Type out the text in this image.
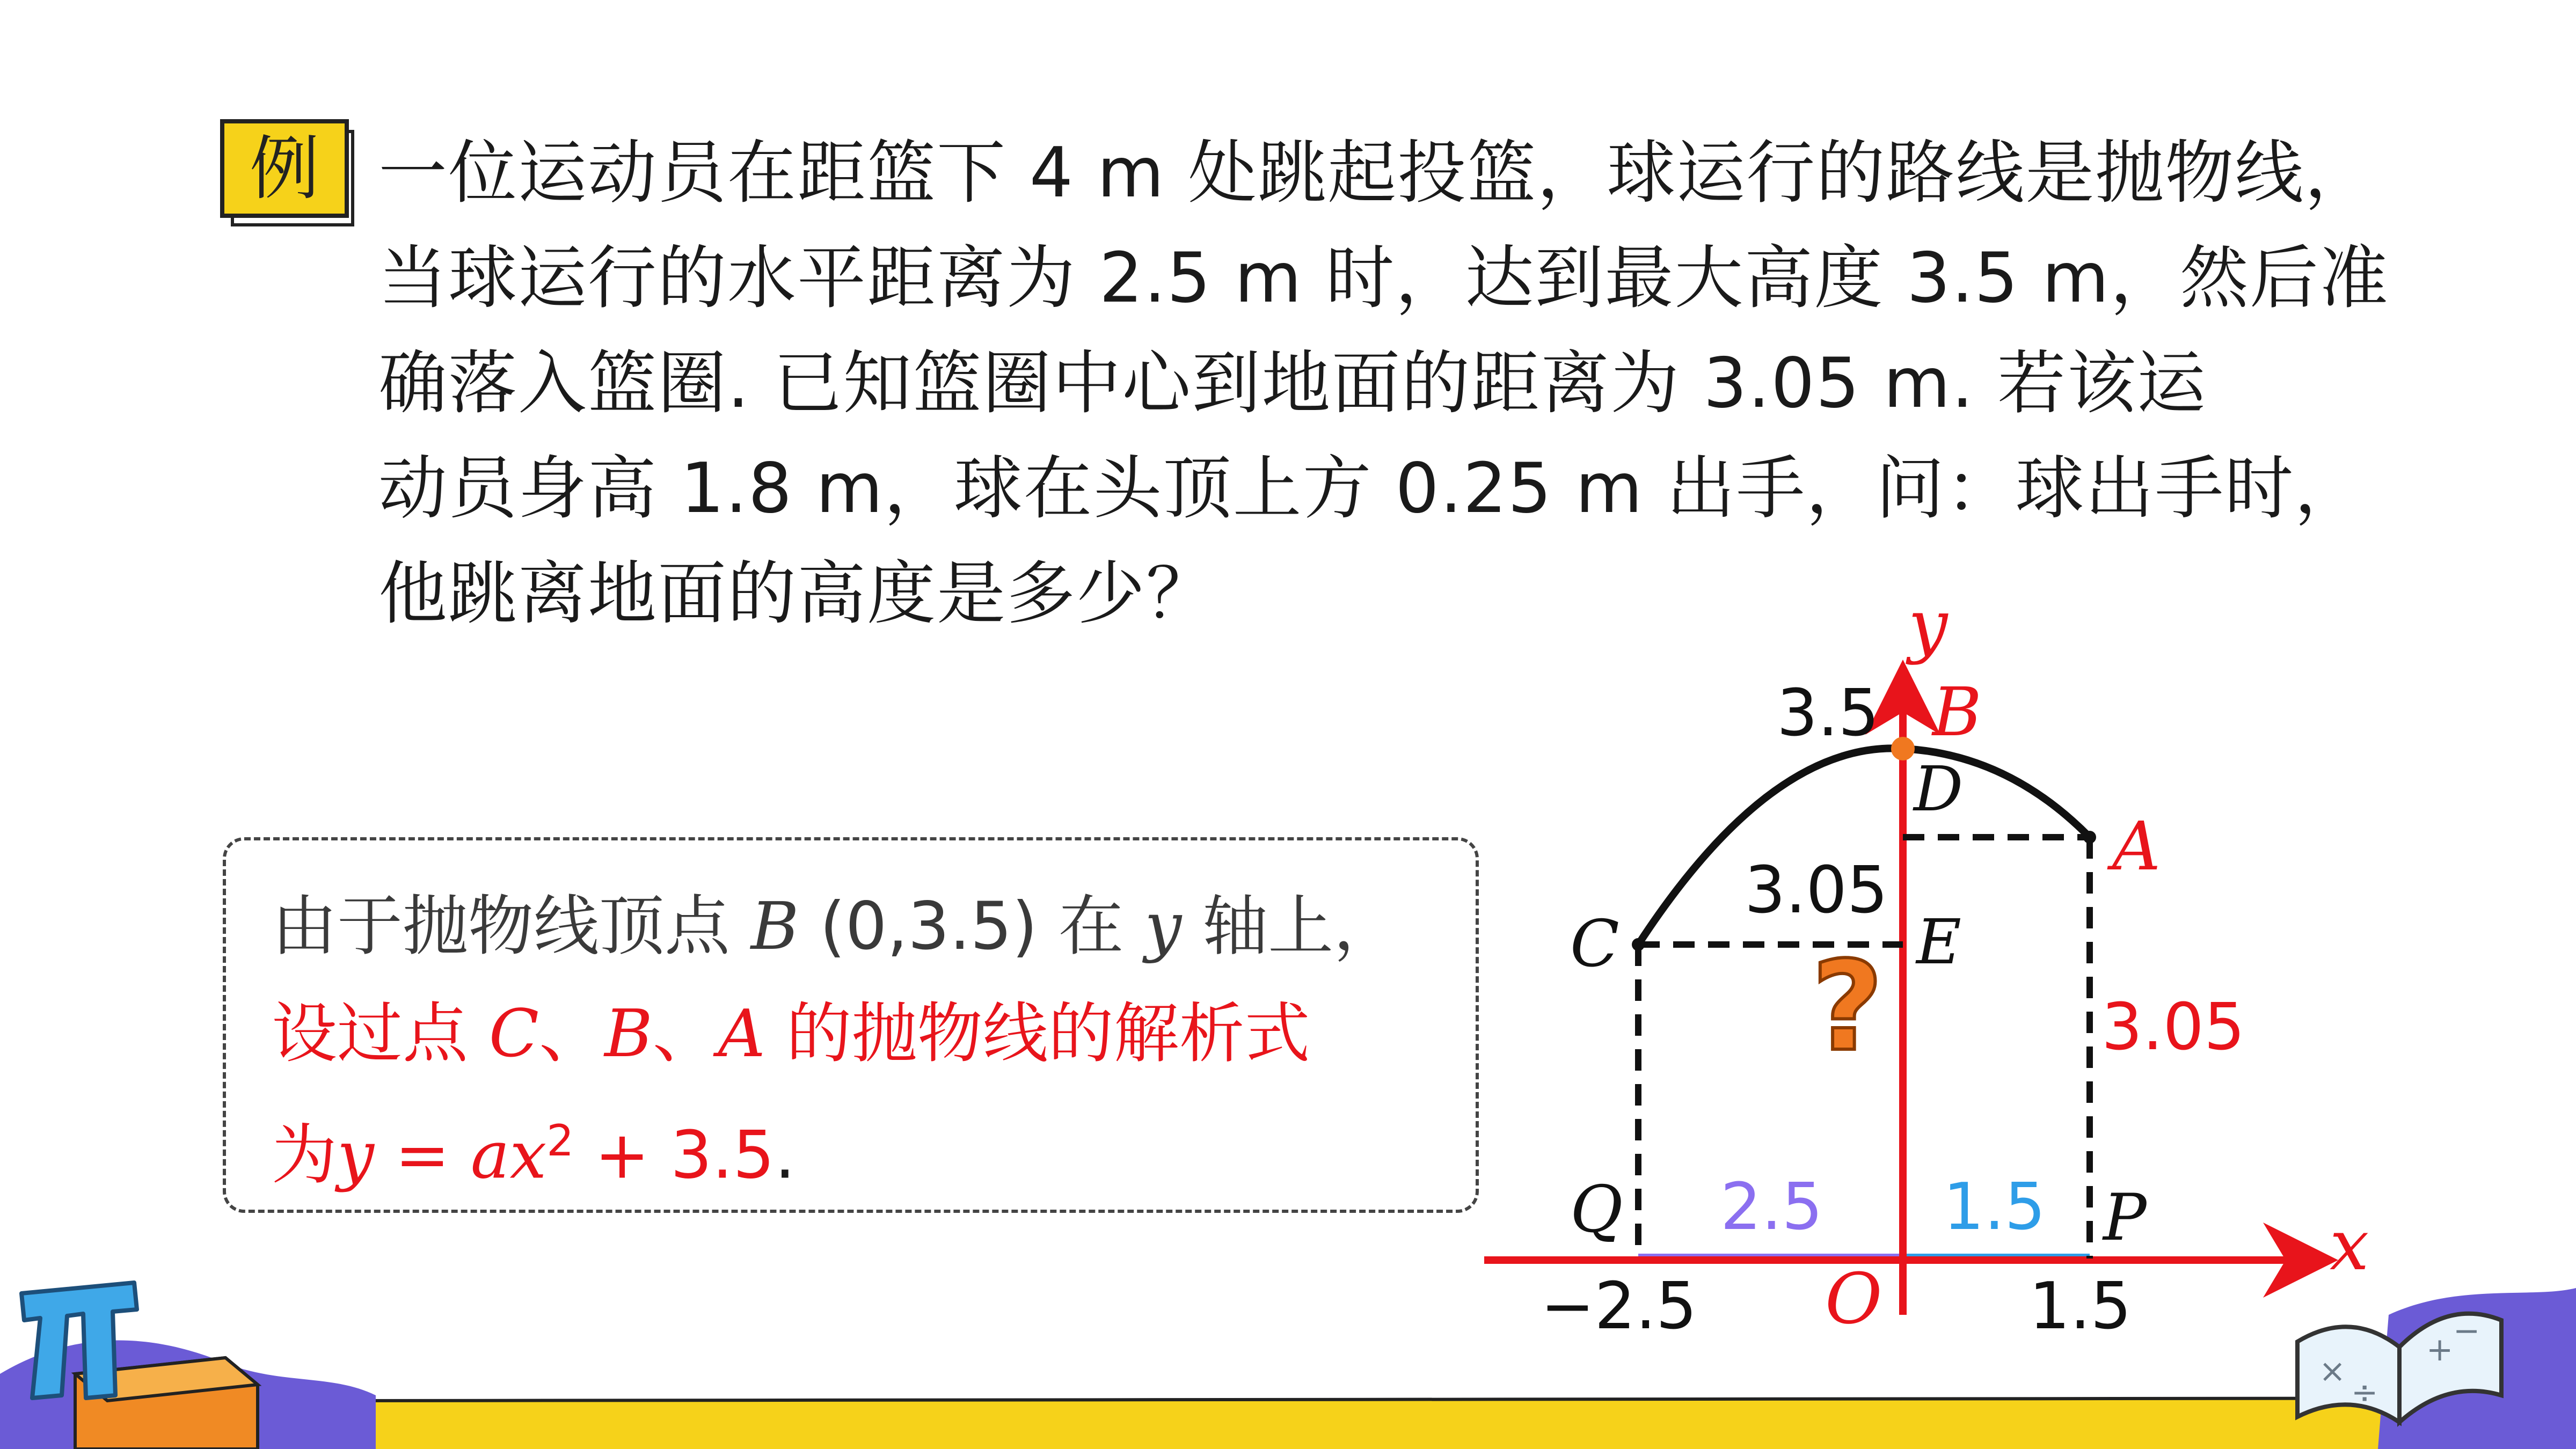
例 一位运动员在距篮下 4 m 处跳起投篮，球运行的路线是抛物线，
当球运行的水平距离为 2.5 m 时，达到最大高度 3.5 m，然后准
确落入篮圈. 已知篮圈中心到地面的距离为 3.05 m. 若该运
动员身高 1.8 m，球在头顶上方 0.25 m 出手，问：球出手时，
他跳离地面的高度是多少？
由于抛物线顶点 B (0,3.5) 在 y 轴上，
设过点 C、B、A 的抛物线的解析式
为$y = ax^2 + 3.5$.
y
x
O
3.5 B
D
A
C	E
Q	P
3.05
3.05
2.5 1.5
−2.5	1.5
?
×
÷
+ −
